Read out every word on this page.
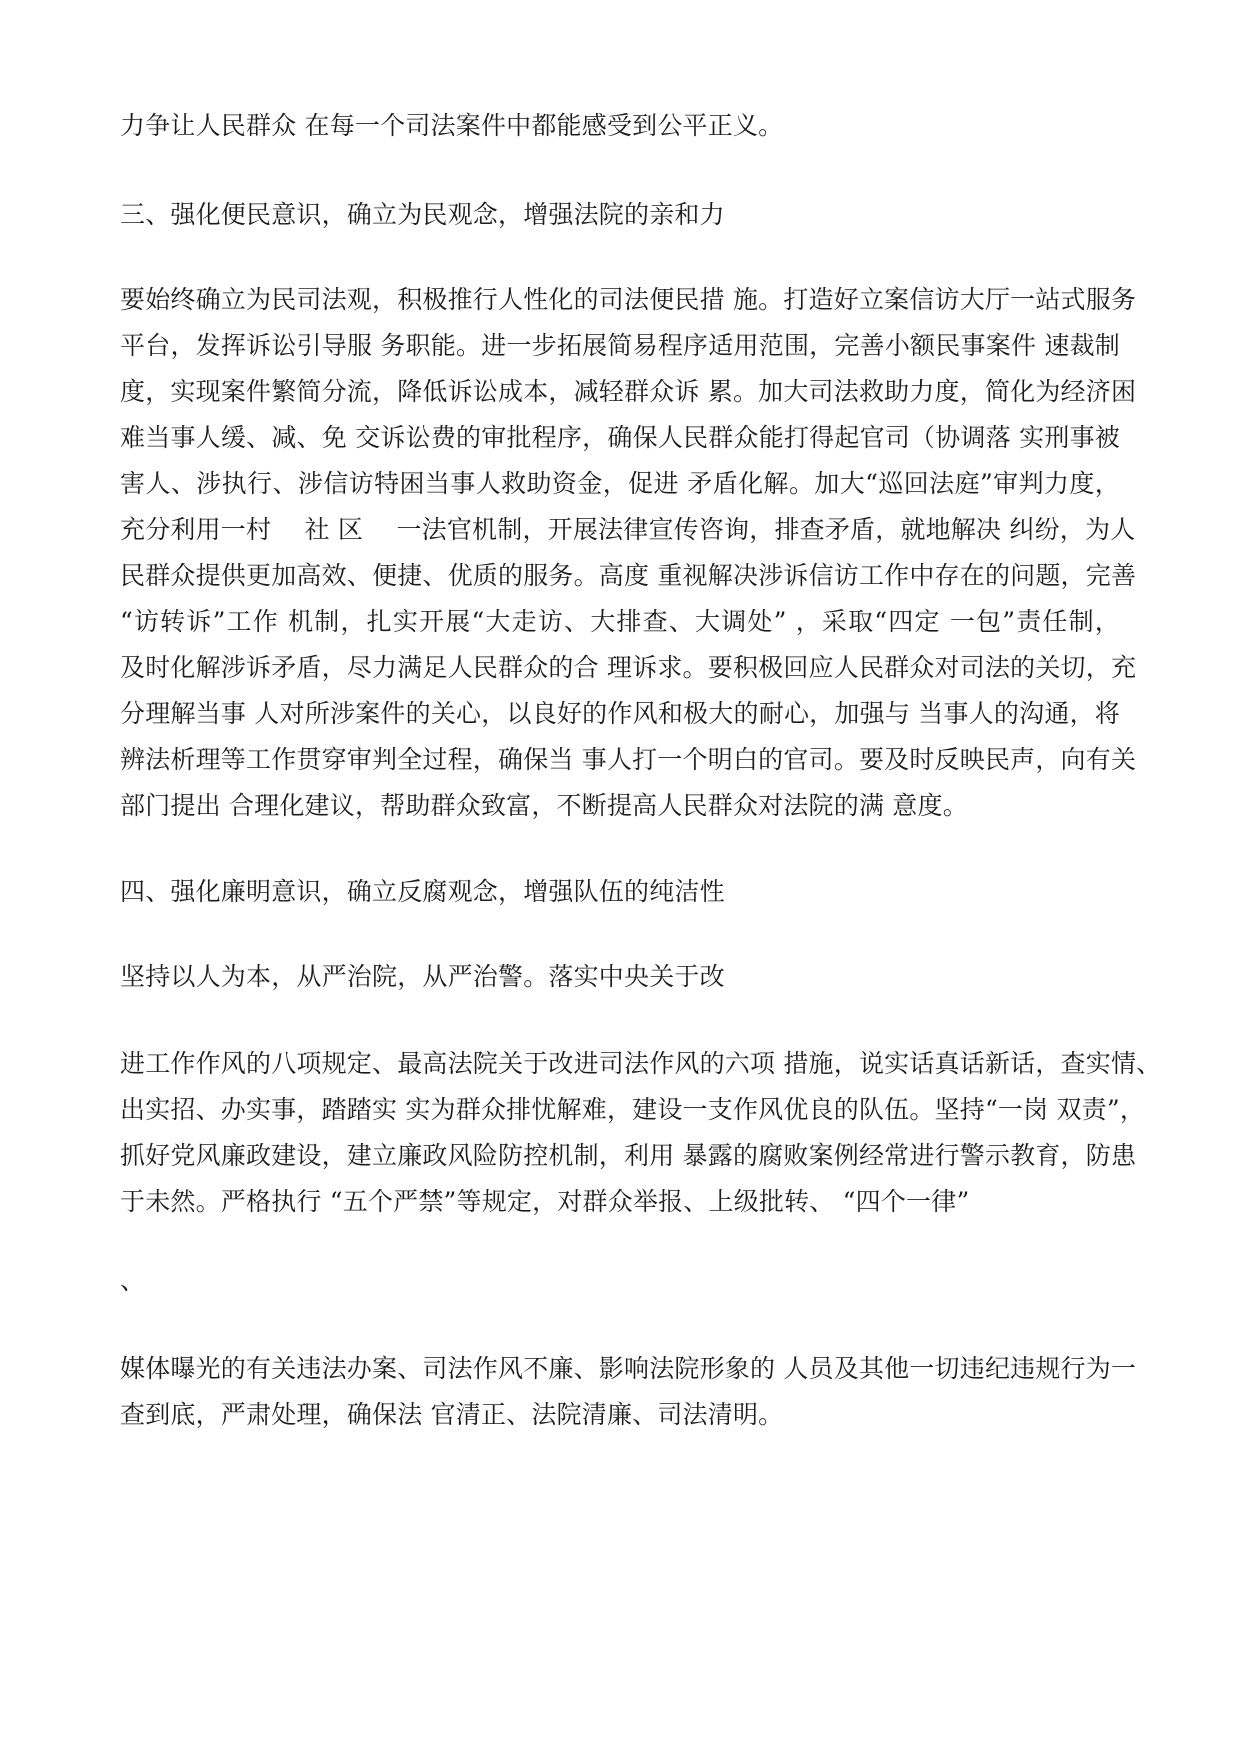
力争让人民群众 在每一个司法案件中都能感受到公平正义。

三、强化便民意识，确立为民观念，增强法院的亲和力

要始终确立为民司法观，积极推行人性化的司法便民措 施。打造好立案信访大厅一站式服务

平台，发挥诉讼引导服 务职能。进一步拓展简易程序适用范围，完善小额民事案件 速裁制

度，实现案件繁简分流，降低诉讼成本，减轻群众诉 累。加大司法救助力度，简化为经济困

难当事人缓、减、免 交诉讼费的审批程序，确保人民群众能打得起官司（协调落 实刑事被

害人、涉执行、涉信访特困当事人救助资金，促进 矛盾化解。加大“巡回法庭”审判力度，

充分利用一村　 社 区　 一法官机制，开展法律宣传咨询，排查矛盾，就地解决 纠纷，为人

民群众提供更加高效、便捷、优质的服务。高度 重视解决涉诉信访工作中存在的问题，完善

“访转诉”工作 机制，扎实开展“大走访、大排查、大调处” ，采取“四定 一包”责任制，

及时化解涉诉矛盾，尽力满足人民群众的合 理诉求。要积极回应人民群众对司法的关切，充

分理解当事 人对所涉案件的关心，以良好的作风和极大的耐心，加强与 当事人的沟通，将

辨法析理等工作贯穿审判全过程，确保当 事人打一个明白的官司。要及时反映民声，向有关

部门提出 合理化建议，帮助群众致富，不断提高人民群众对法院的满 意度。

四、强化廉明意识，确立反腐观念，增强队伍的纯洁性

坚持以人为本，从严治院，从严治警。落实中央关于改

进工作作风的八项规定、最高法院关于改进司法作风的六项 措施，说实话真话新话，查实情、

出实招、办实事，踏踏实 实为群众排忧解难，建设一支作风优良的队伍。坚持“一岗 双责”，

抓好党风廉政建设，建立廉政风险防控机制，利用 暴露的腐败案例经常进行警示教育，防患

于未然。严格执行 “五个严禁”等规定，对群众举报、上级批转、 “四个一律”

、

媒体曝光的有关违法办案、司法作风不廉、影响法院形象的 人员及其他一切违纪违规行为一

查到底，严肃处理，确保法 官清正、法院清廉、司法清明。
